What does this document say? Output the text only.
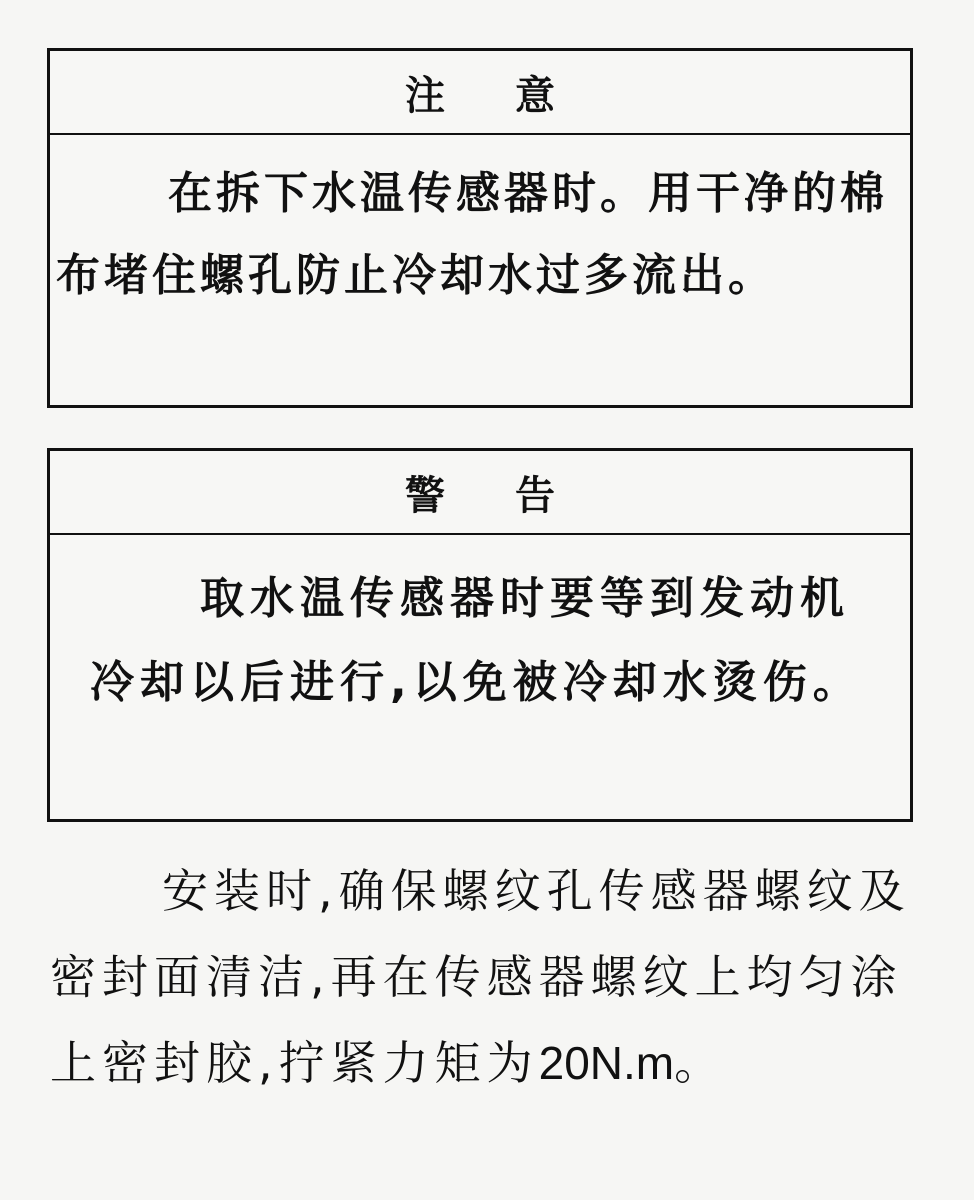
注 意
在拆下水温传感器时。用干净的棉布堵住螺孔防止冷却水过多流出。
警 告
取水温传感器时要等到发动机冷却以后进行,以免被冷却水烫伤。
安装时,确保螺纹孔传感器螺纹及密封面清洁,再在传感器螺纹上均匀涂上密封胶,拧紧力矩为20N.m。
